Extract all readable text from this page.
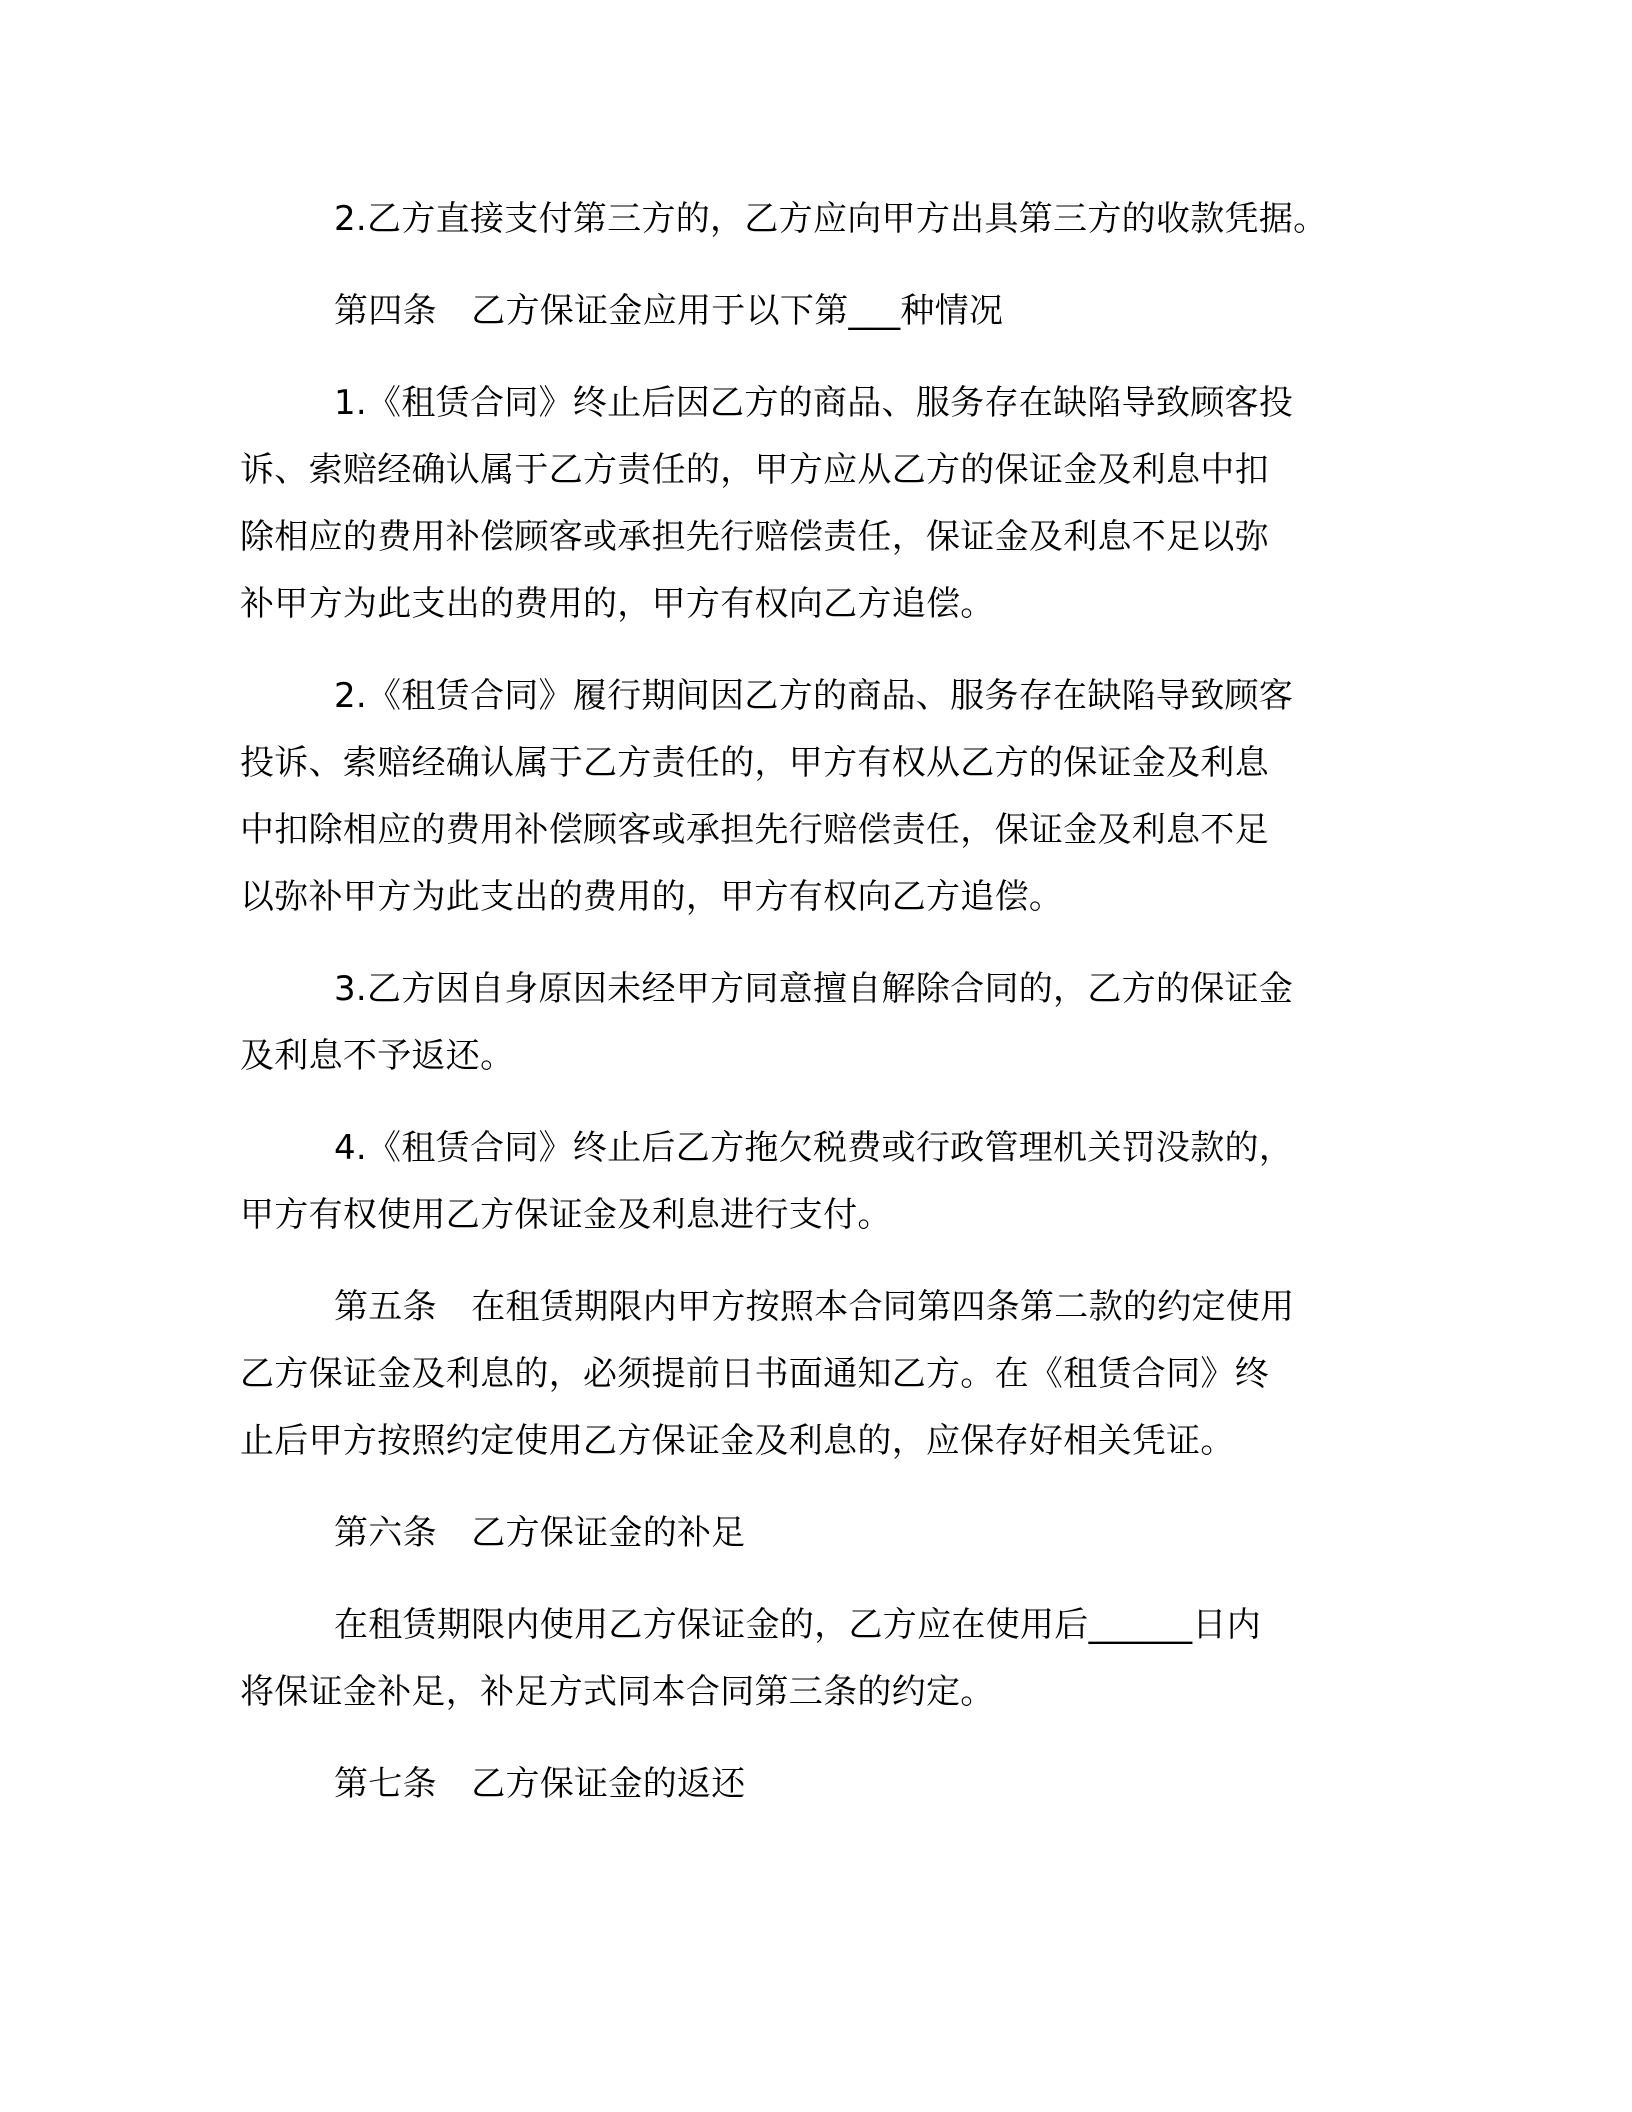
2.乙方直接支付第三方的，乙方应向甲方出具第三方的收款凭据。

第四条　乙方保证金应用于以下第___种情况

1.《租赁合同》终止后因乙方的商品、服务存在缺陷导致顾客投
诉、索赔经确认属于乙方责任的，甲方应从乙方的保证金及利息中扣
除相应的费用补偿顾客或承担先行赔偿责任，保证金及利息不足以弥
补甲方为此支出的费用的，甲方有权向乙方追偿。

2.《租赁合同》履行期间因乙方的商品、服务存在缺陷导致顾客
投诉、索赔经确认属于乙方责任的，甲方有权从乙方的保证金及利息
中扣除相应的费用补偿顾客或承担先行赔偿责任，保证金及利息不足
以弥补甲方为此支出的费用的，甲方有权向乙方追偿。

3.乙方因自身原因未经甲方同意擅自解除合同的，乙方的保证金
及利息不予返还。

4.《租赁合同》终止后乙方拖欠税费或行政管理机关罚没款的，
甲方有权使用乙方保证金及利息进行支付。

第五条　在租赁期限内甲方按照本合同第四条第二款的约定使用
乙方保证金及利息的，必须提前日书面通知乙方。在《租赁合同》终
止后甲方按照约定使用乙方保证金及利息的，应保存好相关凭证。

第六条　乙方保证金的补足

在租赁期限内使用乙方保证金的，乙方应在使用后______日内
将保证金补足，补足方式同本合同第三条的约定。

第七条　乙方保证金的返还
